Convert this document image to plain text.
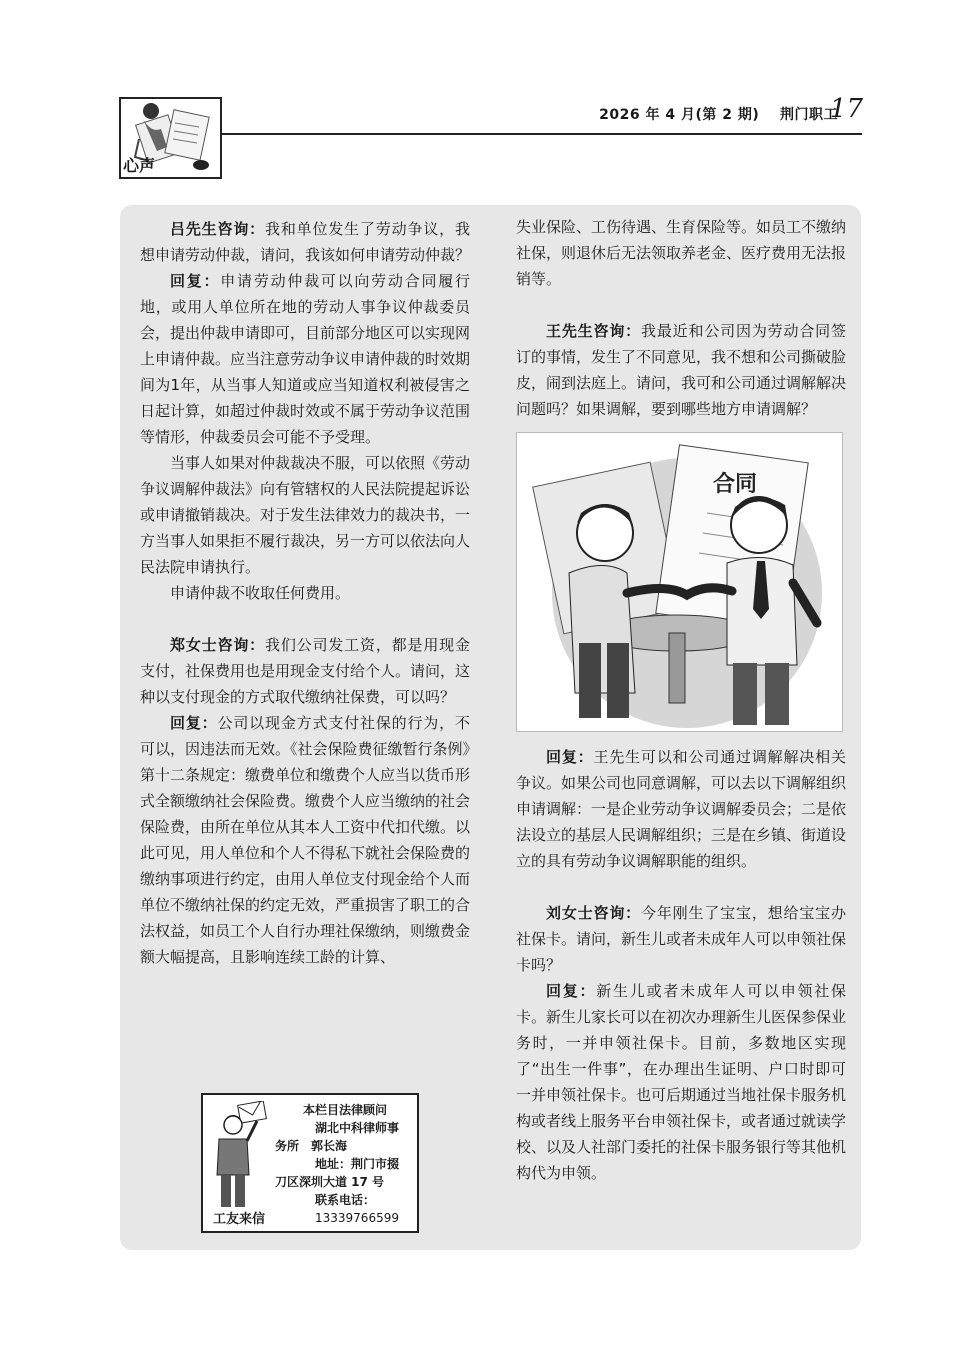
心声
2026 年 4 月(第 2 期) 荆门职工
17

吕先生咨询：我和单位发生了劳动争议，我想申请劳动仲裁，请问，我该如何申请劳动仲裁？

回复：申请劳动仲裁可以向劳动合同履行地，或用人单位所在地的劳动人事争议仲裁委员会，提出仲裁申请即可，目前部分地区可以实现网上申请仲裁。应当注意劳动争议申请仲裁的时效期间为1年，从当事人知道或应当知道权利被侵害之日起计算，如超过仲裁时效或不属于劳动争议范围等情形，仲裁委员会可能不予受理。

当事人如果对仲裁裁决不服，可以依照《劳动争议调解仲裁法》向有管辖权的人民法院提起诉讼或申请撤销裁决。对于发生法律效力的裁决书，一方当事人如果拒不履行裁决，另一方可以依法向人民法院申请执行。

申请仲裁不收取任何费用。

郑女士咨询：我们公司发工资，都是用现金支付，社保费用也是用现金支付给个人。请问，这种以支付现金的方式取代缴纳社保费，可以吗？

回复：公司以现金方式支付社保的行为，不可以，因违法而无效。《社会保险费征缴暂行条例》第十二条规定：缴费单位和缴费个人应当以货币形式全额缴纳社会保险费。缴费个人应当缴纳的社会保险费，由所在单位从其本人工资中代扣代缴。以此可见，用人单位和个人不得私下就社会保险费的缴纳事项进行约定，由用人单位支付现金给个人而单位不缴纳社保的约定无效，严重损害了职工的合法权益，如员工个人自行办理社保缴纳，则缴费金额大幅提高，且影响连续工龄的计算、

失业保险、工伤待遇、生育保险等。如员工不缴纳社保，则退休后无法领取养老金、医疗费用无法报销等。

王先生咨询：我最近和公司因为劳动合同签订的事情，发生了不同意见，我不想和公司撕破脸皮，闹到法庭上。请问，我可和公司通过调解解决问题吗？如果调解，要到哪些地方申请调解？

合同

回复：王先生可以和公司通过调解解决相关争议。如果公司也同意调解，可以去以下调解组织申请调解：一是企业劳动争议调解委员会；二是依法设立的基层人民调解组织；三是在乡镇、街道设立的具有劳动争议调解职能的组织。

刘女士咨询：今年刚生了宝宝，想给宝宝办社保卡。请问，新生儿或者未成年人可以申领社保卡吗？

回复：新生儿或者未成年人可以申领社保卡。新生儿家长可以在初次办理新生儿医保参保业务时，一并申领社保卡。目前，多数地区实现了“出生一件事”，在办理出生证明、户口时即可一并申领社保卡。也可后期通过当地社保卡服务机构或者线上服务平台申领社保卡，或者通过就读学校、以及人社部门委托的社保卡服务银行等其他机构代为申领。

工友来信
本栏目法律顾问
湖北中科律师事
务所　郭长海
地址：荆门市掇
刀区深圳大道 17 号
联系电话：
13339766599
